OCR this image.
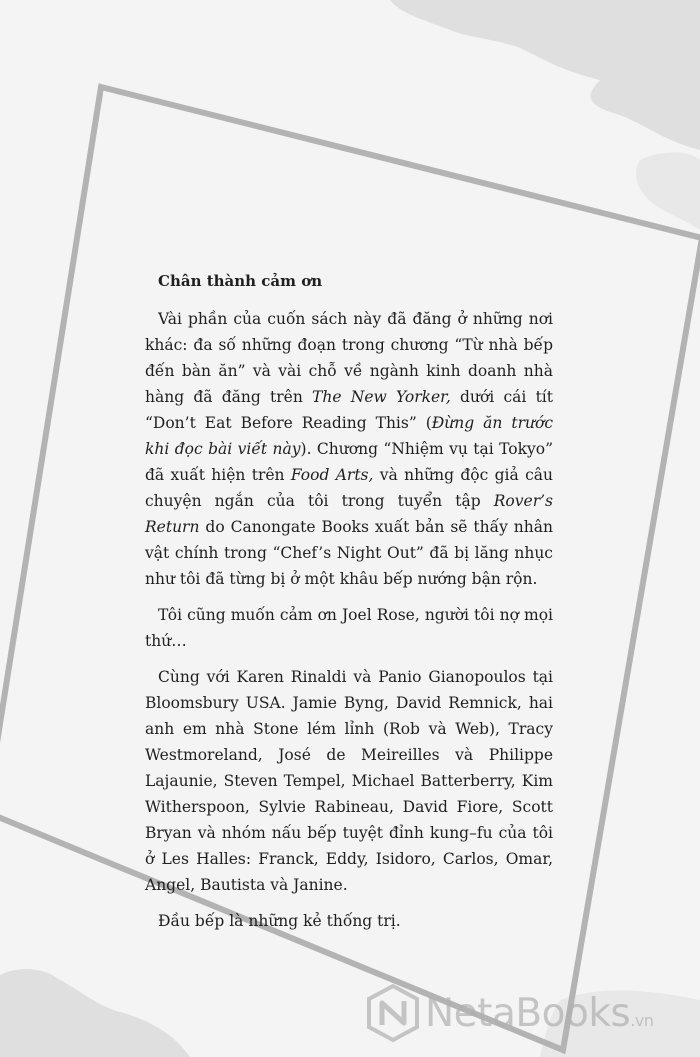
Chân thành cảm ơn

Vài phần của cuốn sách này đã đăng ở những nơi khác: đa số những đoạn trong chương “Từ nhà bếp đến bàn ăn” và vài chỗ về ngành kinh doanh nhà hàng đã đăng trên The New Yorker, dưới cái tít “Don’t Eat Before Reading This” (Đừng ăn trước khi đọc bài viết này). Chương “Nhiệm vụ tại Tokyo” đã xuất hiện trên Food Arts, và những độc giả câu chuyện ngắn của tôi trong tuyển tập Rover’s Return do Canongate Books xuất bản sẽ thấy nhân vật chính trong “Chef’s Night Out” đã bị lăng nhục như tôi đã từng bị ở một khâu bếp nướng bận rộn.

Tôi cũng muốn cảm ơn Joel Rose, người tôi nợ mọi thứ…

Cùng với Karen Rinaldi và Panio Gianopoulos tại Bloomsbury USA. Jamie Byng, David Remnick, hai anh em nhà Stone lém lỉnh (Rob và Web), Tracy Westmoreland, José de Meireilles và Philippe Lajaunie, Steven Tempel, Michael Batterberry, Kim Witherspoon, Sylvie Rabineau, David Fiore, Scott Bryan và nhóm nấu bếp tuyệt đỉnh kung–fu của tôi ở Les Halles: Franck, Eddy, Isidoro, Carlos, Omar, Angel, Bautista và Janine.

Đầu bếp là những kẻ thống trị.

NetaBooks.vn
